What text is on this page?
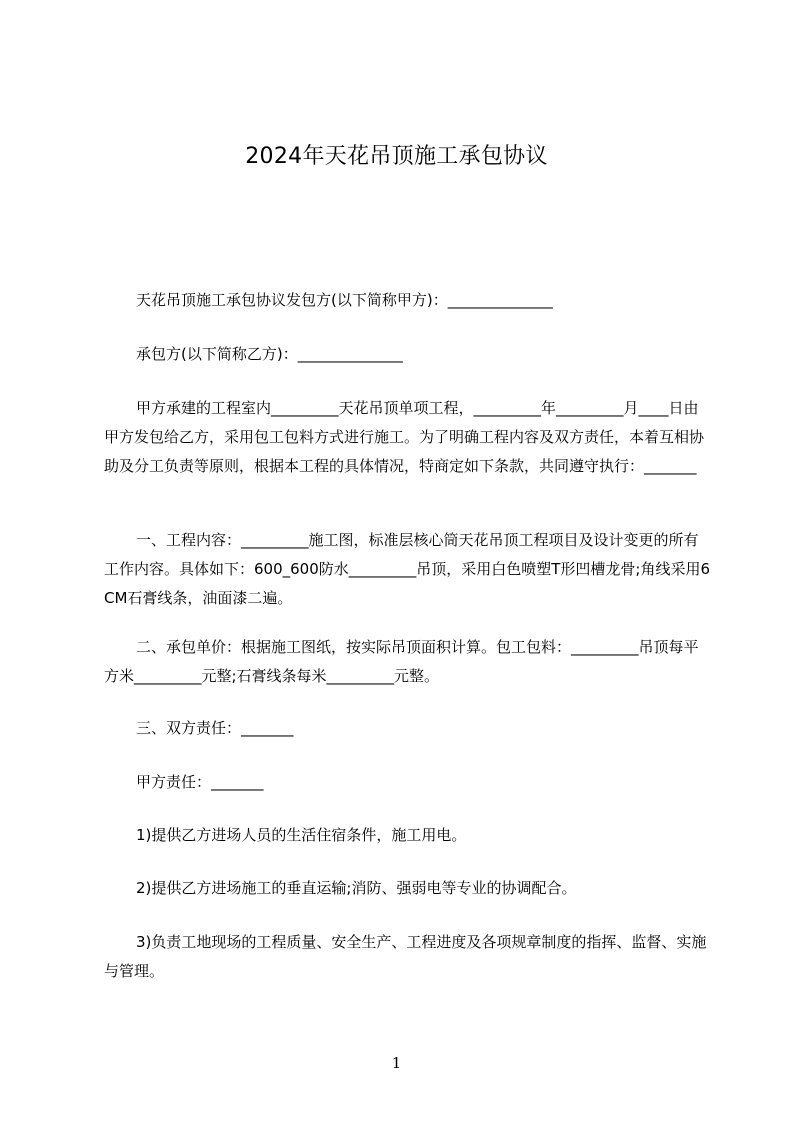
2024年天花吊顶施工承包协议
天花吊顶施工承包协议发包方(以下简称甲方)：______________
承包方(以下简称乙方)：______________
甲方承建的工程室内_________天花吊顶单项工程，_________年_________月____日由甲方发包给乙方，采用包工包料方式进行施工。为了明确工程内容及双方责任，本着互相协助及分工负责等原则，根据本工程的具体情况，特商定如下条款，共同遵守执行：_______
一、工程内容：_________施工图，标准层核心筒天花吊顶工程项目及设计变更的所有工作内容。具体如下：600_600防水_________吊顶，采用白色喷塑T形凹槽龙骨;角线采用6CM石膏线条，油面漆二遍。
二、承包单价：根据施工图纸，按实际吊顶面积计算。包工包料：_________吊顶每平方米_________元整;石膏线条每米_________元整。
三、双方责任：_______
甲方责任：_______
1)提供乙方进场人员的生活住宿条件，施工用电。
2)提供乙方进场施工的垂直运输;消防、强弱电等专业的协调配合。
3)负责工地现场的工程质量、安全生产、工程进度及各项规章制度的指挥、监督、实施与管理。
1
